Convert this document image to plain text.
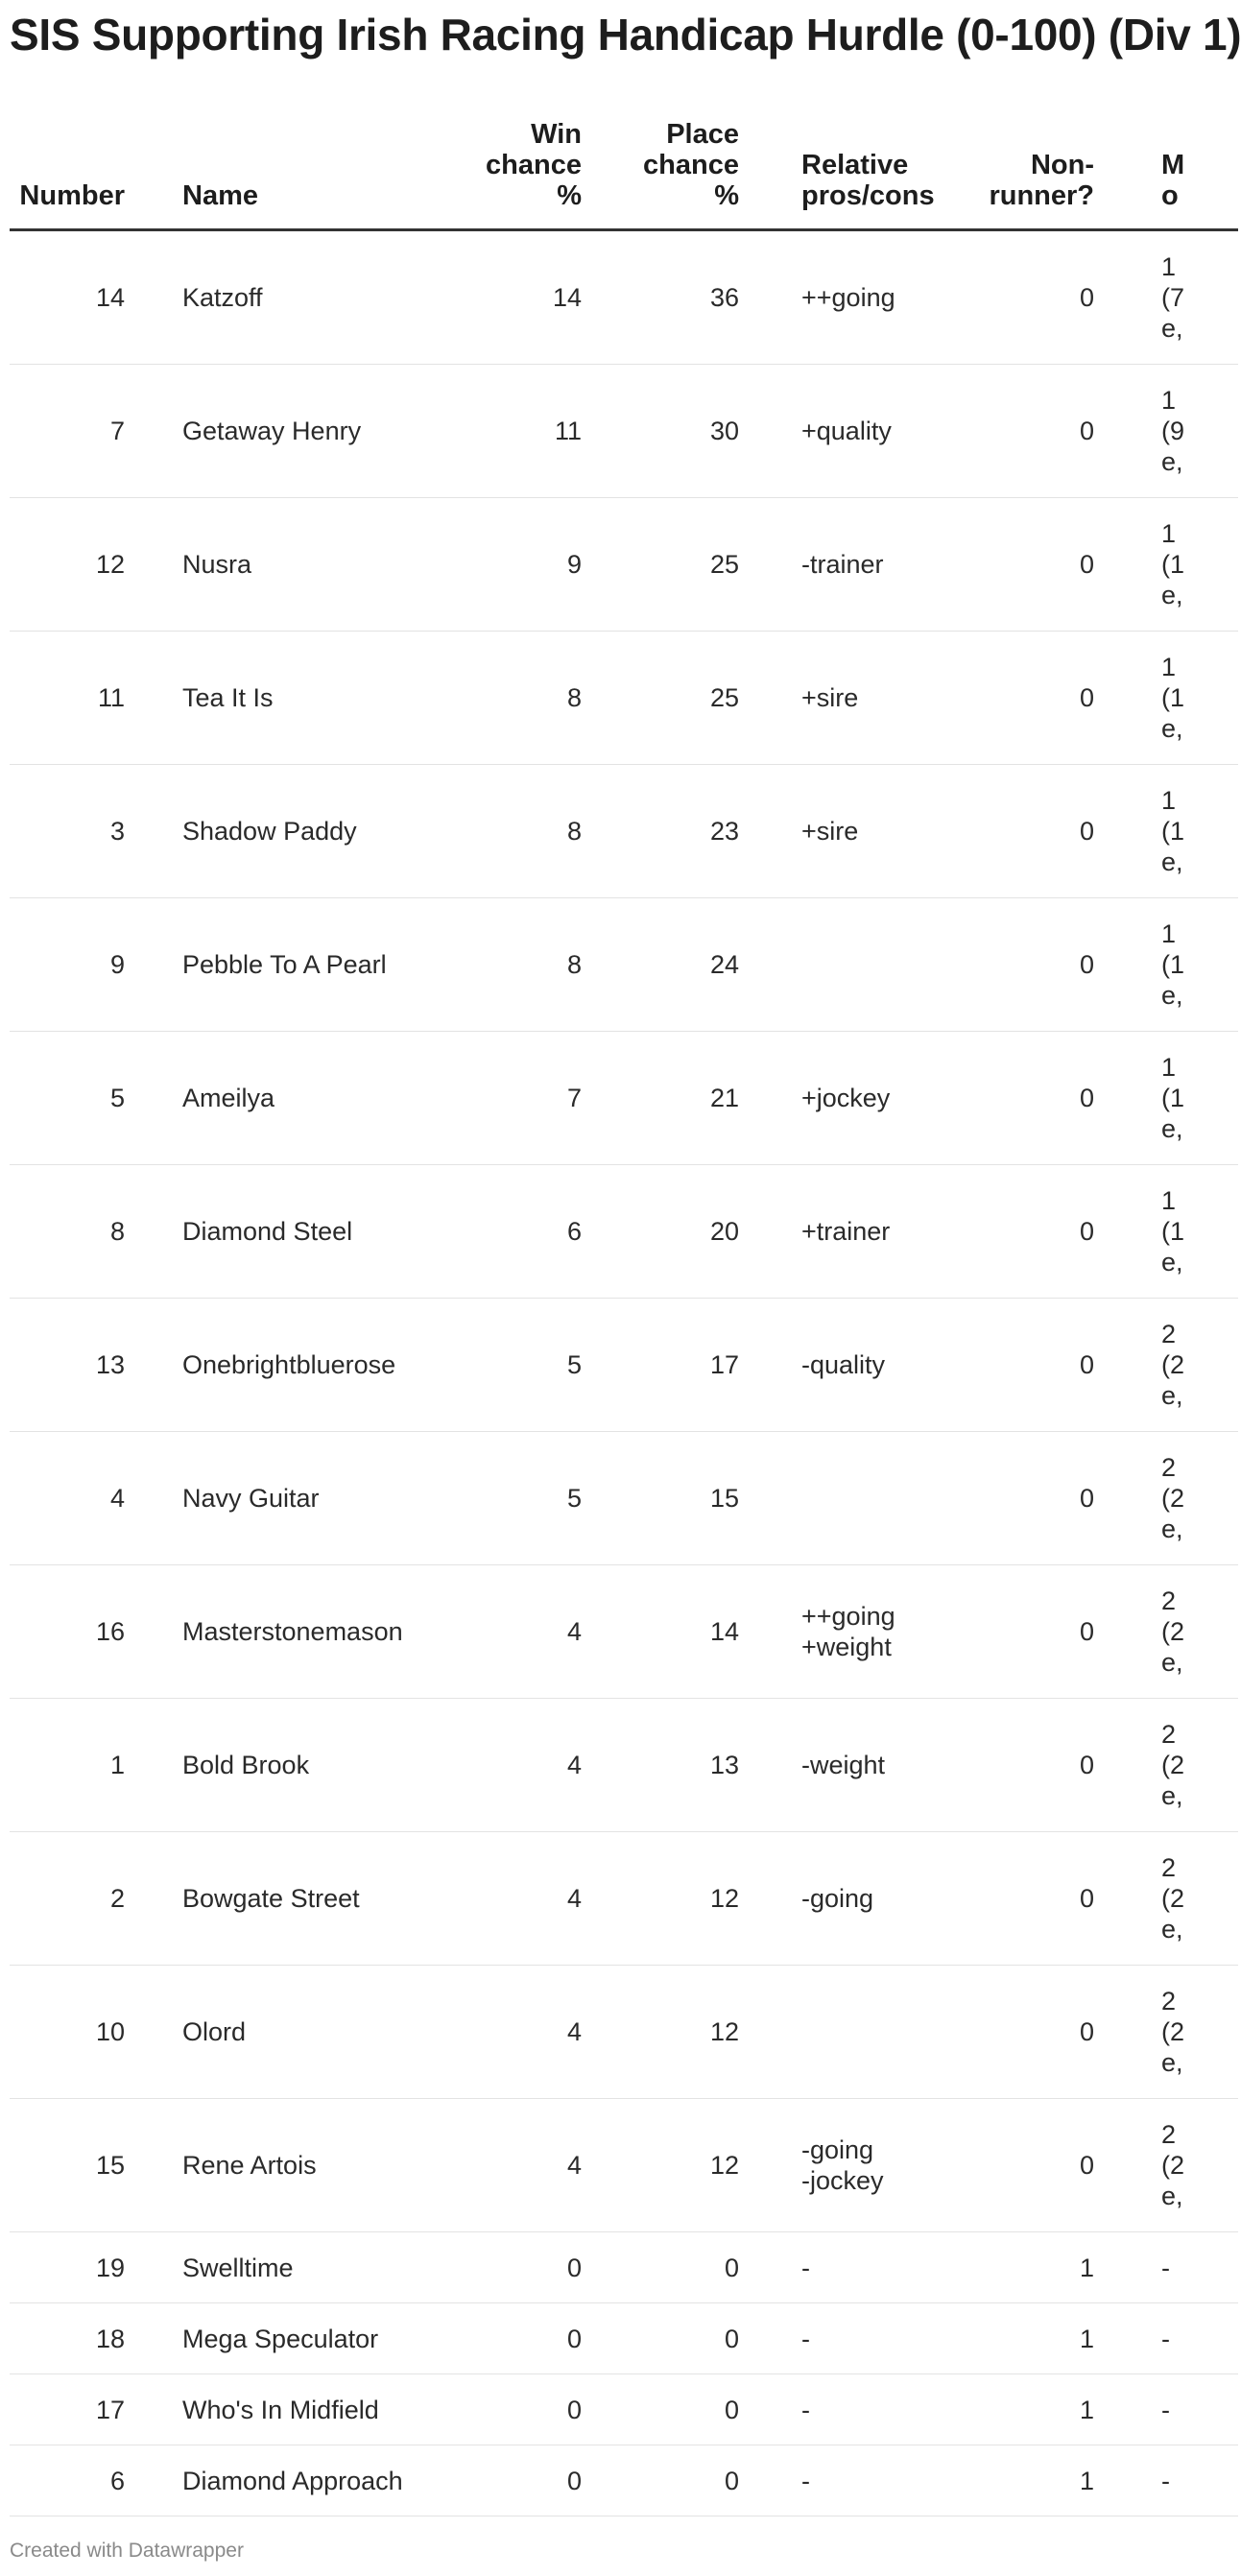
SIS Supporting Irish Racing Handicap Hurdle (0-100) (Div 1)
Number	Name	Win
chance
%	Place
chance
%	Relative
pros/cons	Non-
runner?	M
o

14	Katzoff	14	36	++going	0	1
(7
e,

7	Getaway Henry	11	30	+quality	0	1
(9
e,

12	Nusra	9	25	-trainer	0	1
(1
e,

11	Tea It Is	8	25	+sire	0	1
(1
e,

3	Shadow Paddy	8	23	+sire	0	1
(1
e,

9	Pebble To A Pearl	8	24		0	1
(1
e,

5	Ameilya	7	21	+jockey	0	1
(1
e,

8	Diamond Steel	6	20	+trainer	0	1
(1
e,

13	Onebrightbluerose	5	17	-quality	0	2
(2
e,

4	Navy Guitar	5	15		0	2
(2
e,

16	Masterstonemason	4	14	++going
+weight	0	2
(2
e,

1	Bold Brook	4	13	-weight	0	2
(2
e,

2	Bowgate Street	4	12	-going	0	2
(2
e,

10	Olord	4	12		0	2
(2
e,

15	Rene Artois	4	12	-going
-jockey	0	2
(2
e,

19	Swelltime	0	0	-	1	-

18	Mega Speculator	0	0	-	1	-

17	Who's In Midfield	0	0	-	1	-

6	Diamond Approach	0	0	-	1	-
Created with Datawrapper
